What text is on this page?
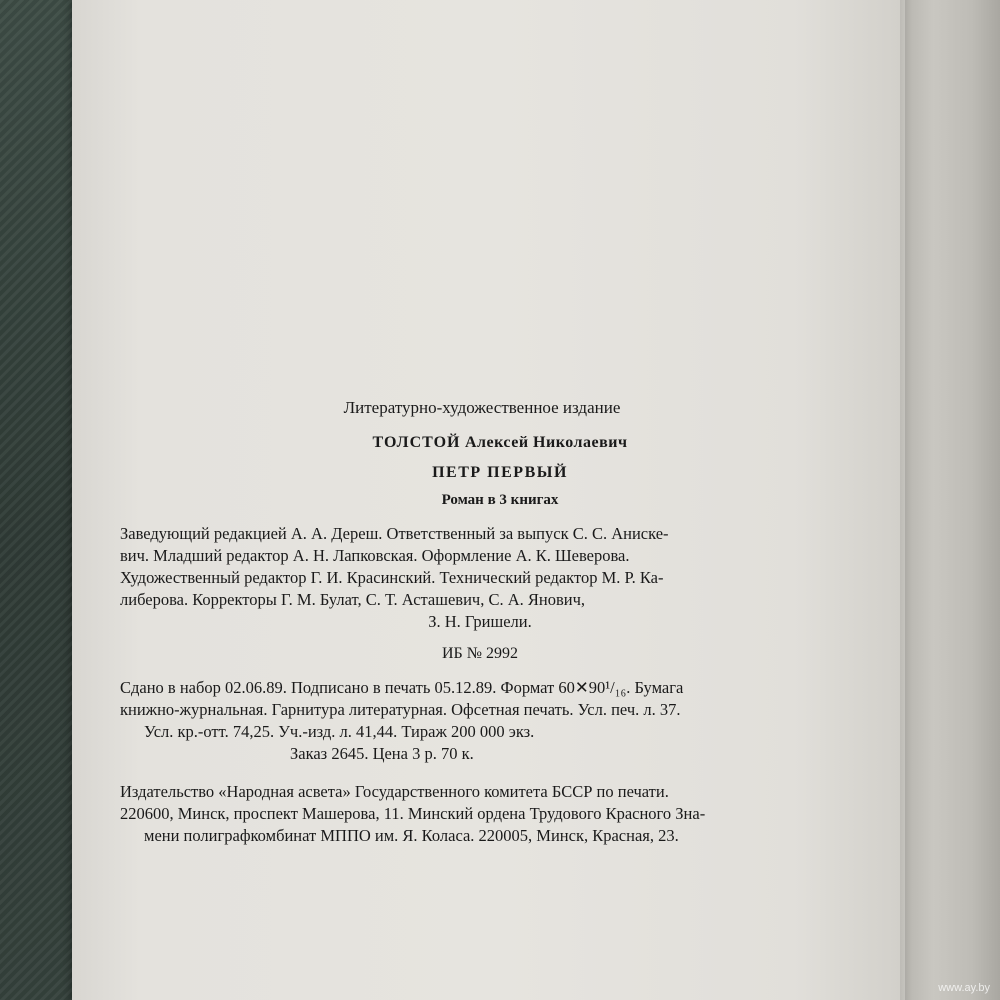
Литературно-художественное издание
ТОЛСТОЙ Алексей Николаевич
ПЕТР ПЕРВЫЙ
Роман в 3 книгах

Заведующий редакцией А. А. Дереш. Ответственный за выпуск С. С. Аниске-

вич. Младший редактор А. Н. Лапковская. Оформление А. К. Шеверова.

Художественный редактор Г. И. Красинский. Технический редактор М. Р. Ка-

либерова. Корректоры Г. М. Булат, С. Т. Асташевич, С. А. Янович,

З. Н. Гришели.

ИБ № 2992

Сдано в набор 02.06.89. Подписано в печать 05.12.89. Формат 60✕90¹/₁₆. Бумага

книжно-журнальная. Гарнитура литературная. Офсетная печать. Усл. печ. л. 37.

Усл. кр.-отт. 74,25. Уч.-изд. л. 41,44. Тираж 200 000 экз.

Заказ 2645. Цена 3 р. 70 к.

Издательство «Народная асвета» Государственного комитета БССР по печати.

220600, Минск, проспект Машерова, 11. Минский ордена Трудового Красного Зна-

мени полиграфкомбинат МППО им. Я. Коласа. 220005, Минск, Красная, 23.

www.ay.by
